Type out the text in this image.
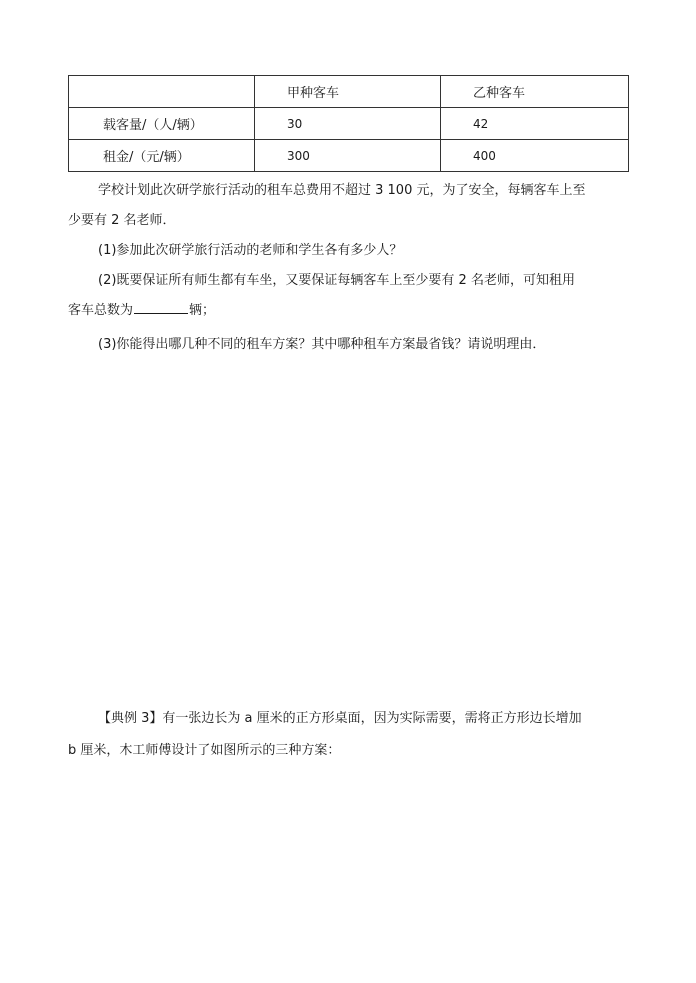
	甲种客车	乙种客车
载客量/（人/辆）	30	42
租金/（元/辆）	300	400

学校计划此次研学旅行活动的租车总费用不超过 3 100 元，为了安全，每辆客车上至

少要有 2 名老师．

(1)参加此次研学旅行活动的老师和学生各有多少人？

(2)既要保证所有师生都有车坐，又要保证每辆客车上至少要有 2 名老师，可知租用

客车总数为	辆；

(3)你能得出哪几种不同的租车方案？其中哪种租车方案最省钱？请说明理由．

【典例 3】有一张边长为 a 厘米的正方形桌面，因为实际需要，需将正方形边长增加

b 厘米，木工师傅设计了如图所示的三种方案：
